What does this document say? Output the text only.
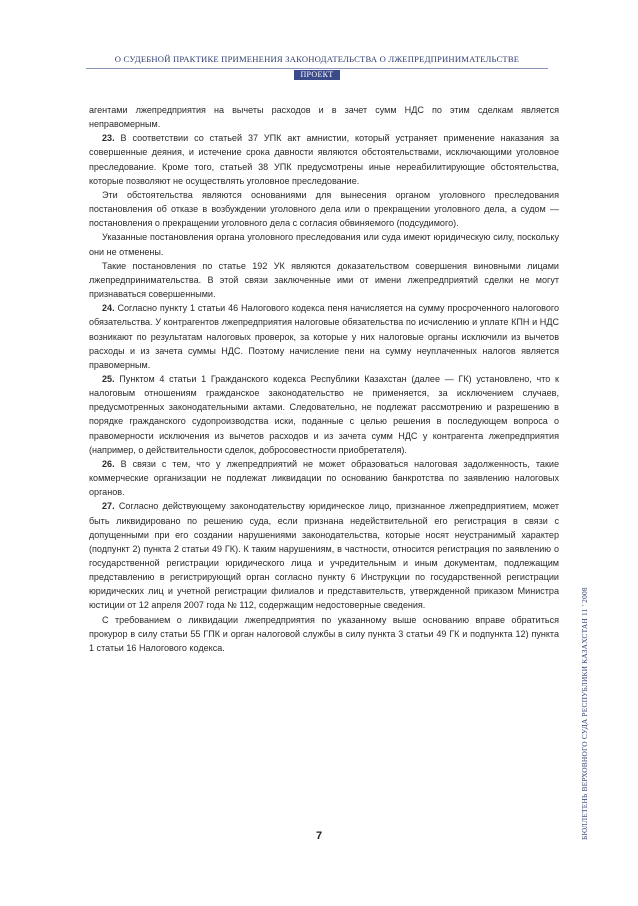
О СУДЕБНОЙ ПРАКТИКЕ ПРИМЕНЕНИЯ ЗАКОНОДАТЕЛЬСТВА О ЛЖЕПРЕДПРИНИМАТЕЛЬСТВЕ
ПРОЕКТ

агентами лжепредприятия на вычеты расходов и в зачет сумм НДС по этим сделкам является неправомерным.

23. В соответствии со статьей 37 УПК акт амнистии, который устраняет применение наказания за совершенные деяния, и истечение срока давности являются обстоятельствами, исключающими уголовное преследование. Кроме того, статьей 38 УПК предусмотрены иные нереабилитирующие обстоятельства, которые позволяют не осуществлять уголовное преследование.

Эти обстоятельства являются основаниями для вынесения органом уголовного преследования постановления об отказе в возбуждении уголовного дела или о прекращении уголовного дела, а судом — постановления о прекращении уголовного дела с согласия обвиняемого (подсудимого).

Указанные постановления органа уголовного преследования или суда имеют юридическую силу, поскольку они не отменены.

Такие постановления по статье 192 УК являются доказательством совершения виновными лицами лжепредпринимательства. В этой связи заключенные ими от имени лжепредприятий сделки не могут признаваться совершенными.

24. Согласно пункту 1 статьи 46 Налогового кодекса пеня начисляется на сумму просроченного налогового обязательства. У контрагентов лжепредприятия налоговые обязательства по исчислению и уплате КПН и НДС возникают по результатам налоговых проверок, за которые у них налоговые органы исключили из вычетов расходы и из зачета суммы НДС. Поэтому начисление пени на сумму неуплаченных налогов является правомерным.

25. Пунктом 4 статьи 1 Гражданского кодекса Республики Казахстан (далее — ГК) установлено, что к налоговым отношениям гражданское законодательство не применяется, за исключением случаев, предусмотренных законодательными актами. Следовательно, не подлежат рассмотрению и разрешению в порядке гражданского судопроизводства иски, поданные с целью решения в последующем вопроса о правомерности исключения из вычетов расходов и из зачета сумм НДС у контрагента лжепредприятия (например, о действительности сделок, добросовестности приобретателя).

26. В связи с тем, что у лжепредприятий не может образоваться налоговая задолженность, такие коммерческие организации не подлежат ликвидации по основанию банкротства по заявлению налоговых органов.

27. Согласно действующему законодательству юридическое лицо, признанное лжепредприятием, может быть ликвидировано по решению суда, если признана недействительной его регистрация в связи с допущенными при его создании нарушениями законодательства, которые носят неустранимый характер (подпункт 2) пункта 2 статьи 49 ГК). К таким нарушениям, в частности, относится регистрация по заявлению о государственной регистрации юридического лица и учредительным и иным документам, подлежащим представлению в регистрирующий орган согласно пункту 6 Инструкции по государственной регистрации юридических лиц и учетной регистрации филиалов и представительств, утвержденной приказом Министра юстиции от 12 апреля 2007 года № 112, содержащим недостоверные сведения.

С требованием о ликвидации лжепредприятия по указанному выше основанию вправе обратиться прокурор в силу статьи 55 ГПК и орган налоговой службы в силу пункта 3 статьи 49 ГК и подпункта 12) пункта 1 статьи 16 Налогового кодекса.	БЮЛЛЕТЕНЬ ВЕРХОВНОГО СУДА РЕСПУБЛИКИ КАЗАХСТАН 11 ' 2008
7
